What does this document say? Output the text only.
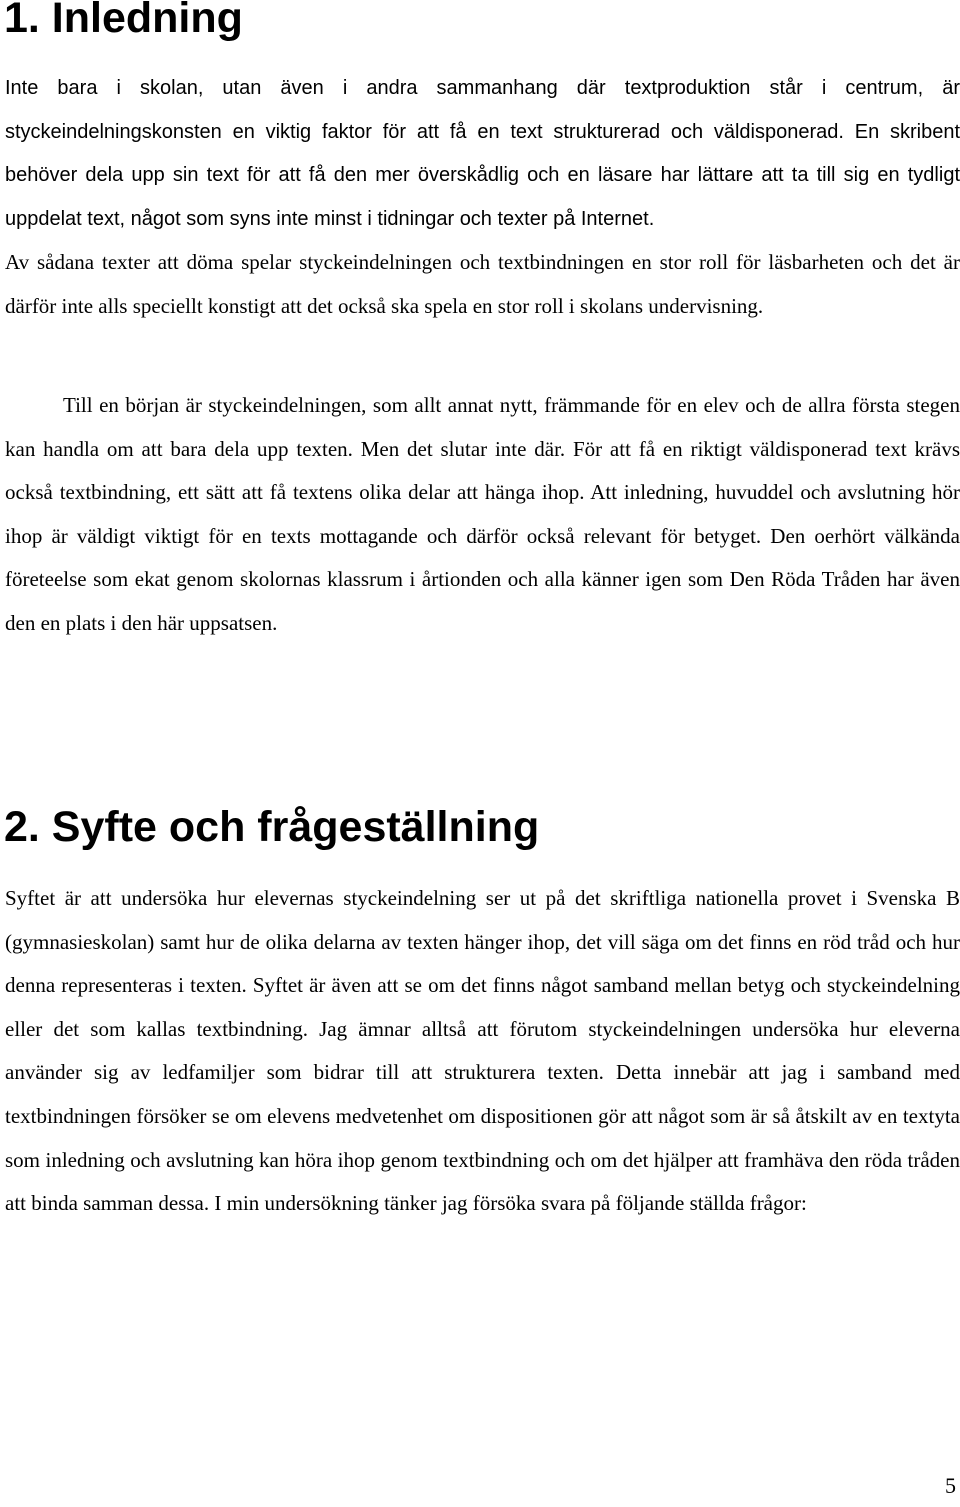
1. Inledning

Inte bara i skolan, utan även i andra sammanhang där textproduktion står i centrum, är styckeindelningskonsten en viktig faktor för att få en text strukturerad och väldisponerad. En skribent behöver dela upp sin text för att få den mer överskådlig och en läsare har lättare att ta till sig en tydligt uppdelat text, något som syns inte minst i tidningar och texter på Internet.

Av sådana texter att döma spelar styckeindelningen och textbindningen en stor roll för läsbarheten och det är därför inte alls speciellt konstigt att det också ska spela en stor roll i skolans undervisning.

Till en början är styckeindelningen, som allt annat nytt, främmande för en elev och de allra första stegen kan handla om att bara dela upp texten. Men det slutar inte där. För att få en riktigt väldisponerad text krävs också textbindning, ett sätt att få textens olika delar att hänga ihop. Att inledning, huvuddel och avslutning hör ihop är väldigt viktigt för en texts mottagande och därför också relevant för betyget. Den oerhört välkända företeelse som ekat genom skolornas klassrum i årtionden och alla känner igen som Den Röda Tråden har även den en plats i den här uppsatsen.

2. Syfte och frågeställning

Syftet är att undersöka hur elevernas styckeindelning ser ut på det skriftliga nationella provet i Svenska B (gymnasieskolan) samt hur de olika delarna av texten hänger ihop, det vill säga om det finns en röd tråd och hur denna representeras i texten. Syftet är även att se om det finns något samband mellan betyg och styckeindelning eller det som kallas textbindning. Jag ämnar alltså att förutom styckeindelningen undersöka hur eleverna använder sig av ledfamiljer som bidrar till att strukturera texten. Detta innebär att jag i samband med textbindningen försöker se om elevens medvetenhet om dispositionen gör att något som är så åtskilt av en textyta som inledning och avslutning kan höra ihop genom textbindning och om det hjälper att framhäva den röda tråden att binda samman dessa. I min undersökning tänker jag försöka svara på följande ställda frågor:

5
